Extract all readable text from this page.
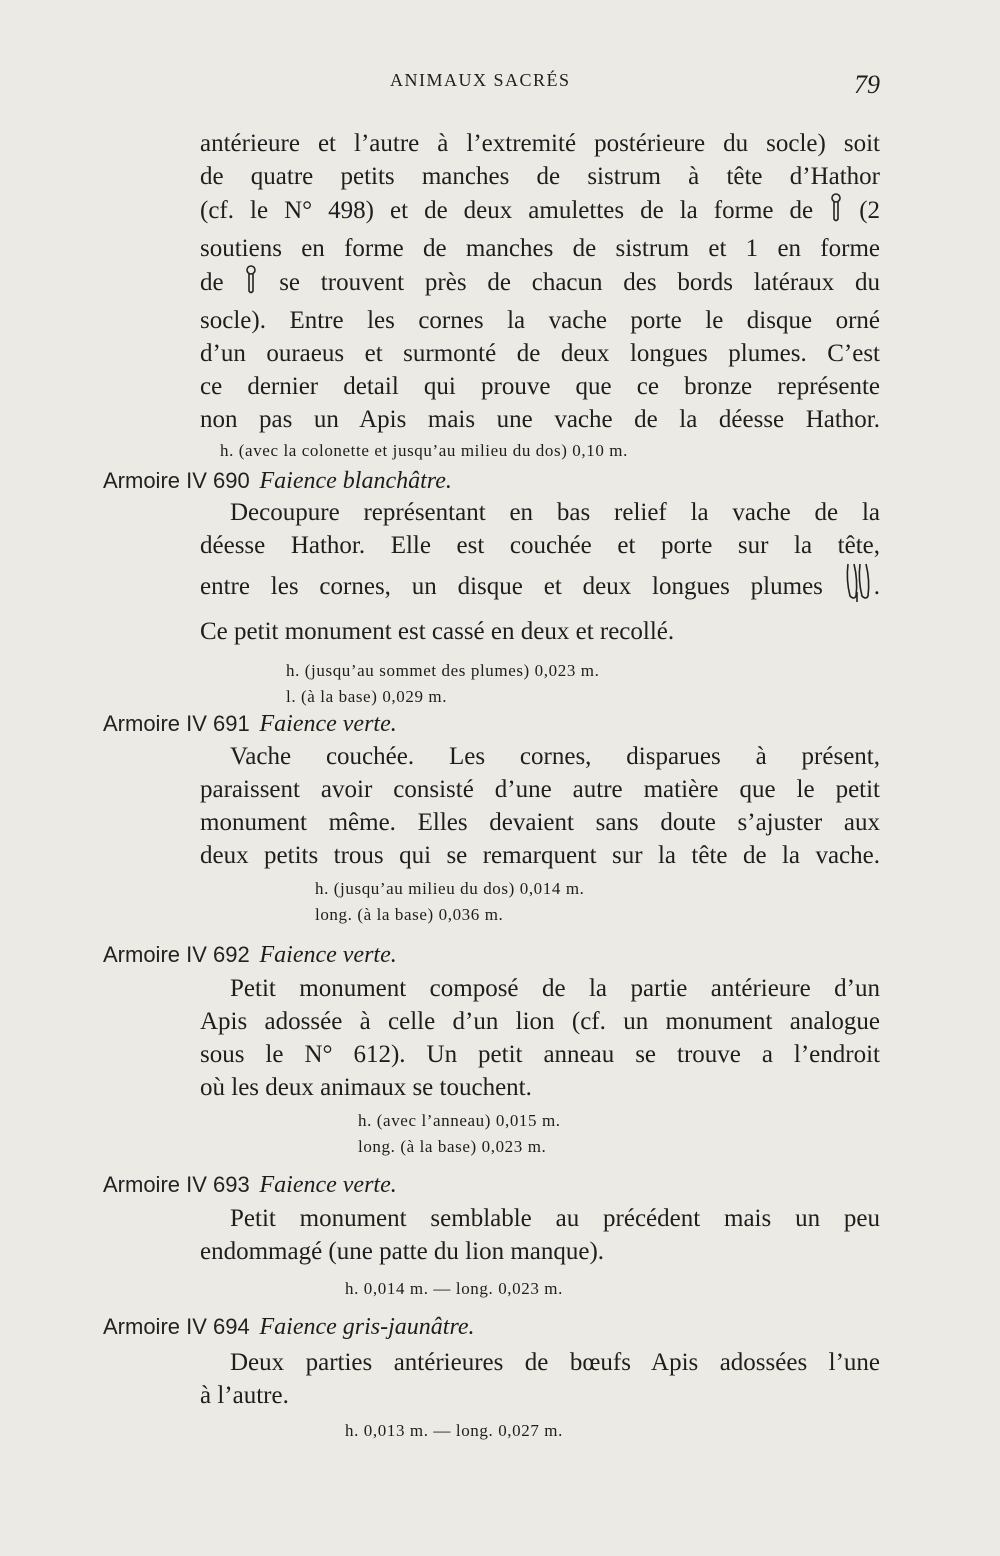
ANIMAUX SACRÉS	79
antérieure et l’autre à l’extremité postérieure du socle) soit
de quatre petits manches de sistrum à tête d’Hathor
(cf. le N° 498) et de deux amulettes de la forme de (2
soutiens en forme de manches de sistrum et 1 en forme
de se trouvent près de chacun des bords latéraux du
socle). Entre les cornes la vache porte le disque orné
d’un ouraeus et surmonté de deux longues plumes. C’est
ce dernier detail qui prouve que ce bronze représente
non pas un Apis mais une vache de la déesse Hathor.
h. (avec la colonette et jusqu’au milieu du dos) 0,10 m.
Armoire IV 690 Faience blanchâtre.
Decoupure représentant en bas relief la vache de la
déesse Hathor. Elle est couchée et porte sur la tête,
entre les cornes, un disque et deux longues plumes .
Ce petit monument est cassé en deux et recollé.
h. (jusqu’au sommet des plumes) 0,023 m.
l. (à la base) 0,029 m.
Armoire IV 691 Faience verte.
Vache couchée. Les cornes, disparues à présent,
paraissent avoir consisté d’une autre matière que le petit
monument même. Elles devaient sans doute s’ajuster aux
deux petits trous qui se remarquent sur la tête de la vache.
h. (jusqu’au milieu du dos) 0,014 m.
long. (à la base) 0,036 m.
Armoire IV 692 Faience verte.
Petit monument composé de la partie antérieure d’un
Apis adossée à celle d’un lion (cf. un monument analogue
sous le N° 612). Un petit anneau se trouve a l’endroit
où les deux animaux se touchent.
h. (avec l’anneau) 0,015 m.
long. (à la base) 0,023 m.
Armoire IV 693 Faience verte.
Petit monument semblable au précédent mais un peu
endommagé (une patte du lion manque).
h. 0,014 m. — long. 0,023 m.
Armoire IV 694 Faience gris-jaunâtre.
Deux parties antérieures de bœufs Apis adossées l’une
à l’autre.
h. 0,013 m. — long. 0,027 m.
